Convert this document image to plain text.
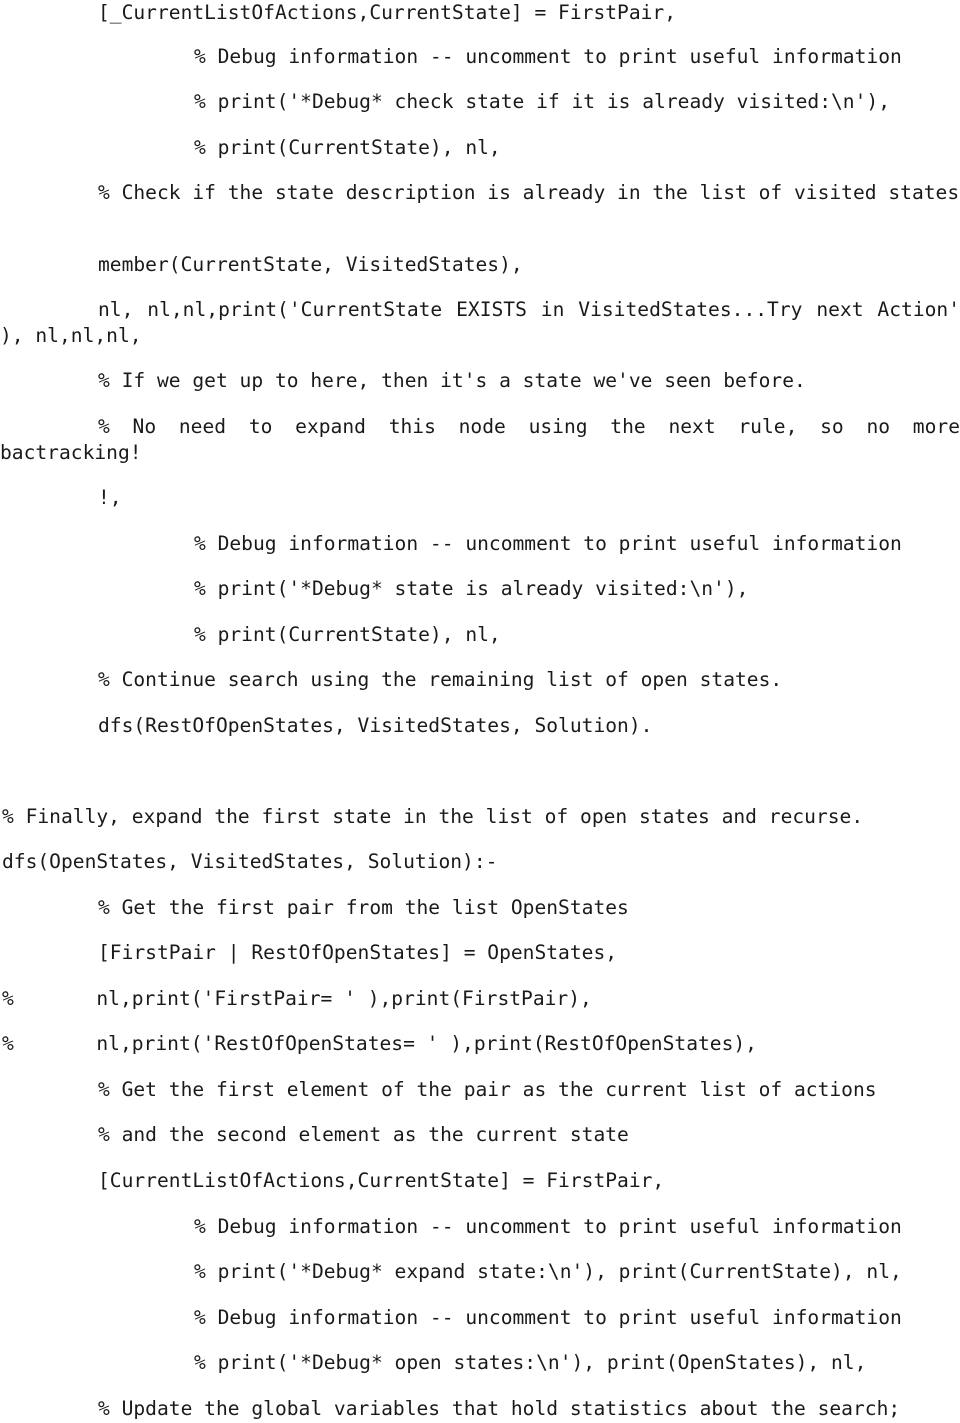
[_CurrentListOfActions,CurrentState] = FirstPair,

% Debug information -- uncomment to print useful information

% print('*Debug* check state if it is already visited:\n'),

% print(CurrentState), nl,

% Check if the state description is already in the list of visited states

member(CurrentState, VisitedStates),

nl, nl,nl,print('CurrentState EXISTS in VisitedStates...Try next Action' ), nl,nl,nl,

% If we get up to here, then it's a state we've seen before.

% No need to expand this node using the next rule, so no more bactracking!

!,

% Debug information -- uncomment to print useful information

% print('*Debug* state is already visited:\n'),

% print(CurrentState), nl,

% Continue search using the remaining list of open states.

dfs(RestOfOpenStates, VisitedStates, Solution).

% Finally, expand the first state in the list of open states and recurse.

dfs(OpenStates, VisitedStates, Solution):-

% Get the first pair from the list OpenStates

[FirstPair | RestOfOpenStates] = OpenStates,

%       nl,print('FirstPair= ' ),print(FirstPair),

%       nl,print('RestOfOpenStates= ' ),print(RestOfOpenStates),

% Get the first element of the pair as the current list of actions

% and the second element as the current state

[CurrentListOfActions,CurrentState] = FirstPair,

% Debug information -- uncomment to print useful information

% print('*Debug* expand state:\n'), print(CurrentState), nl,

% Debug information -- uncomment to print useful information

% print('*Debug* open states:\n'), print(OpenStates), nl,

% Update the global variables that hold statistics about the search;
